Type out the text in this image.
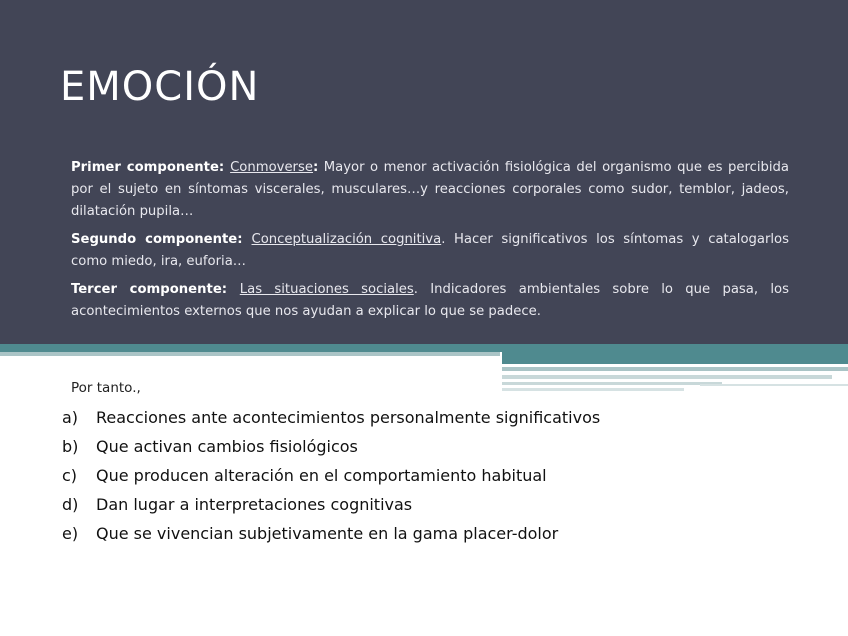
EMOCIÓN

Primer componente: Conmoverse: Mayor o menor activación fisiológica del organismo que es percibida por el sujeto en síntomas viscerales, musculares…y reacciones corporales como sudor, temblor, jadeos, dilatación pupila…

Segundo componente: Conceptualización cognitiva. Hacer significativos los síntomas y catalogarlos como miedo, ira, euforia…

Tercer componente: Las situaciones sociales. Indicadores ambientales sobre lo que pasa, los acontecimientos externos que nos ayudan a explicar lo que se padece.

Por tanto.,
a)	Reacciones ante acontecimientos personalmente significativos
b)	Que activan cambios fisiológicos
c)	Que producen alteración en el comportamiento habitual
d)	Dan lugar a interpretaciones cognitivas
e)	Que se vivencian subjetivamente en la gama placer-dolor
